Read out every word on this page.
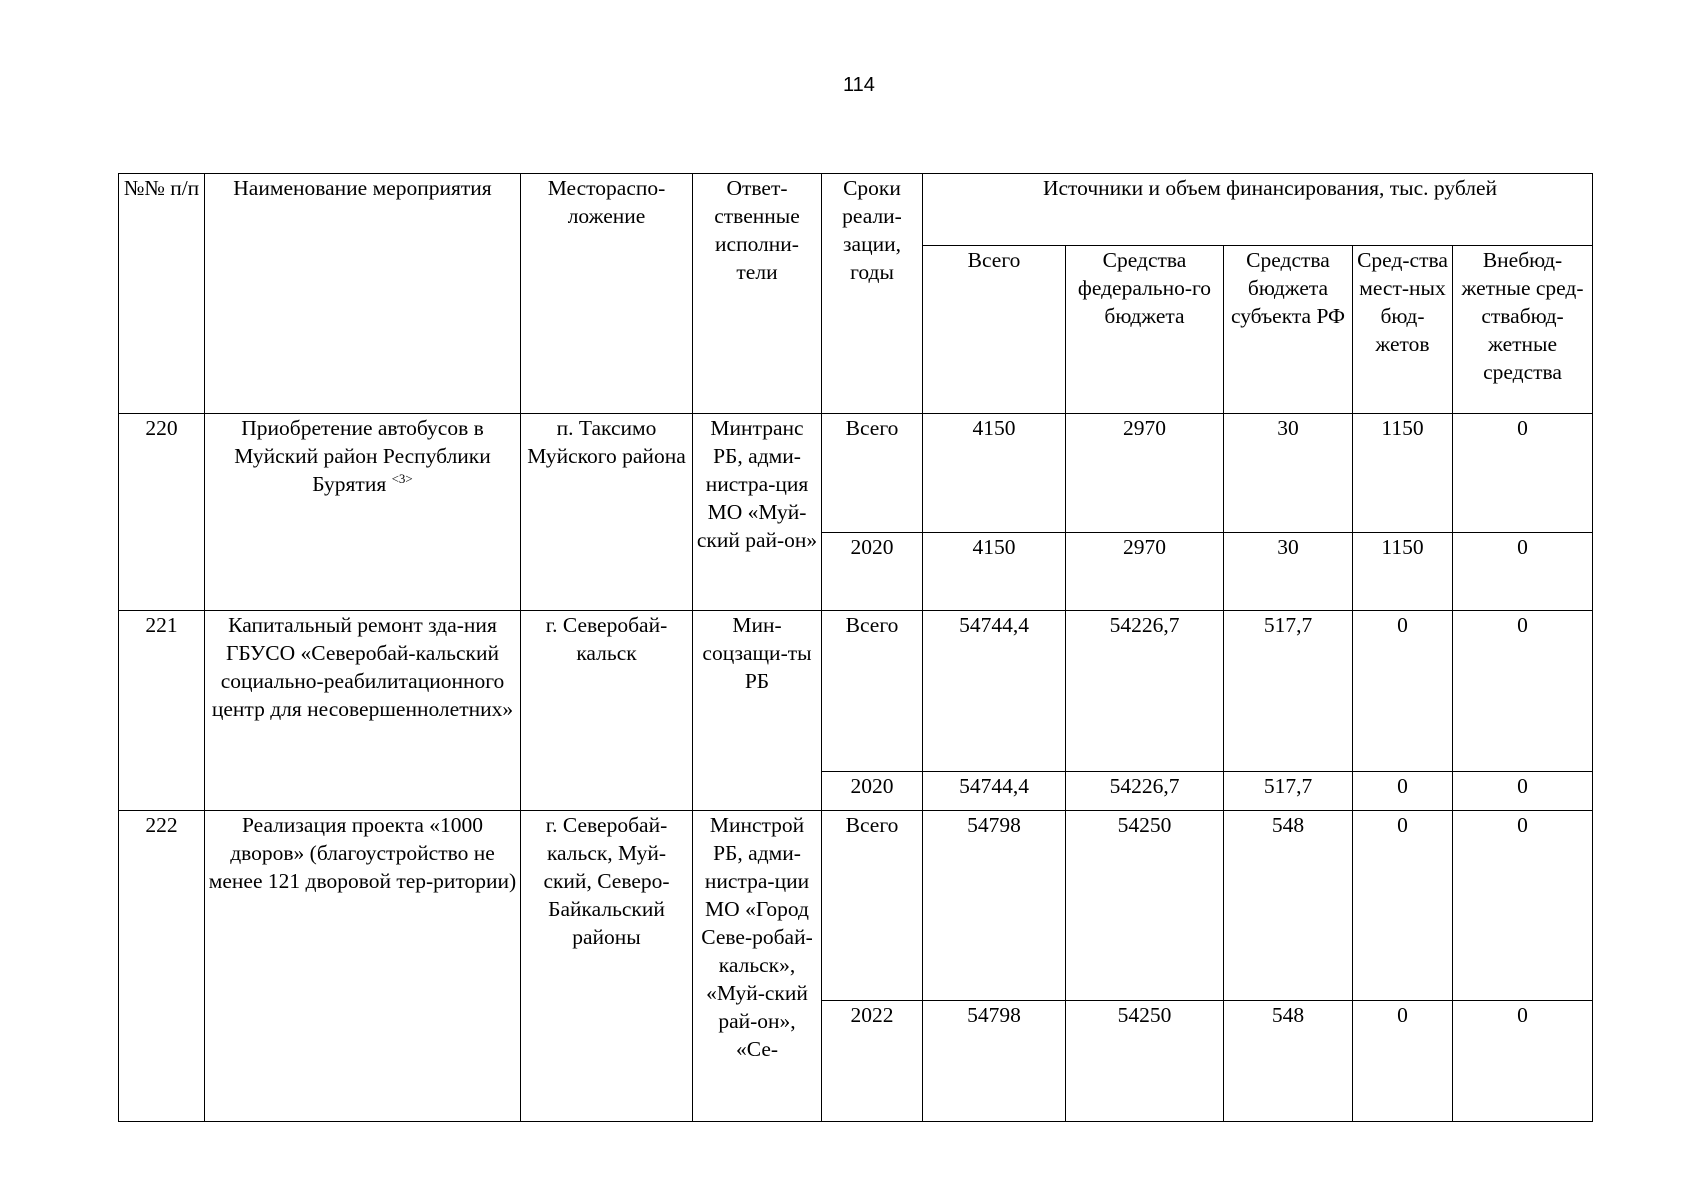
114
№№ п/п	Наименование мероприятия	Местораспо-ложение	Ответ-ственные исполни-тели	Сроки реали-зации, годы	Источники и объем финансирования, тыс. рублей				
					Всего	Средства федерально-го бюджета	Средства бюджета субъекта РФ	Сред-ства мест-ных бюд-жетов	Внебюд-жетные сред-ствабюд-жетные средства
220	Приобретение автобусов в Муйский район Республики Бурятия $^{<3>}$	п. Таксимо Муйского района	Минтранс РБ, адми-нистра-ция МО «Муй-ский рай-он»	Всего	4150	2970	30	1150	0
				2020	4150	2970	30	1150	0
221	Капитальный ремонт зда-ния ГБУСО «Северобай-кальский социально-реабилитационного центр для несовершеннолетних»	г. Северобай-кальск	Мин-соцзащи-ты РБ	Всего	54744,4	54226,7	517,7	0	0
				2020	54744,4	54226,7	517,7	0	0
222	Реализация проекта «1000 дворов» (благоустройство не менее 121 дворовой тер-ритории)	г. Северобай-кальск, Муй-ский, Северо-Байкальский районы	Минстрой РБ, адми-нистра-ции МО «Город Севе-робай-кальск», «Муй-ский рай-он», «Се-	Всего	54798	54250	548	0	0
				2022	54798	54250	548	0	0
